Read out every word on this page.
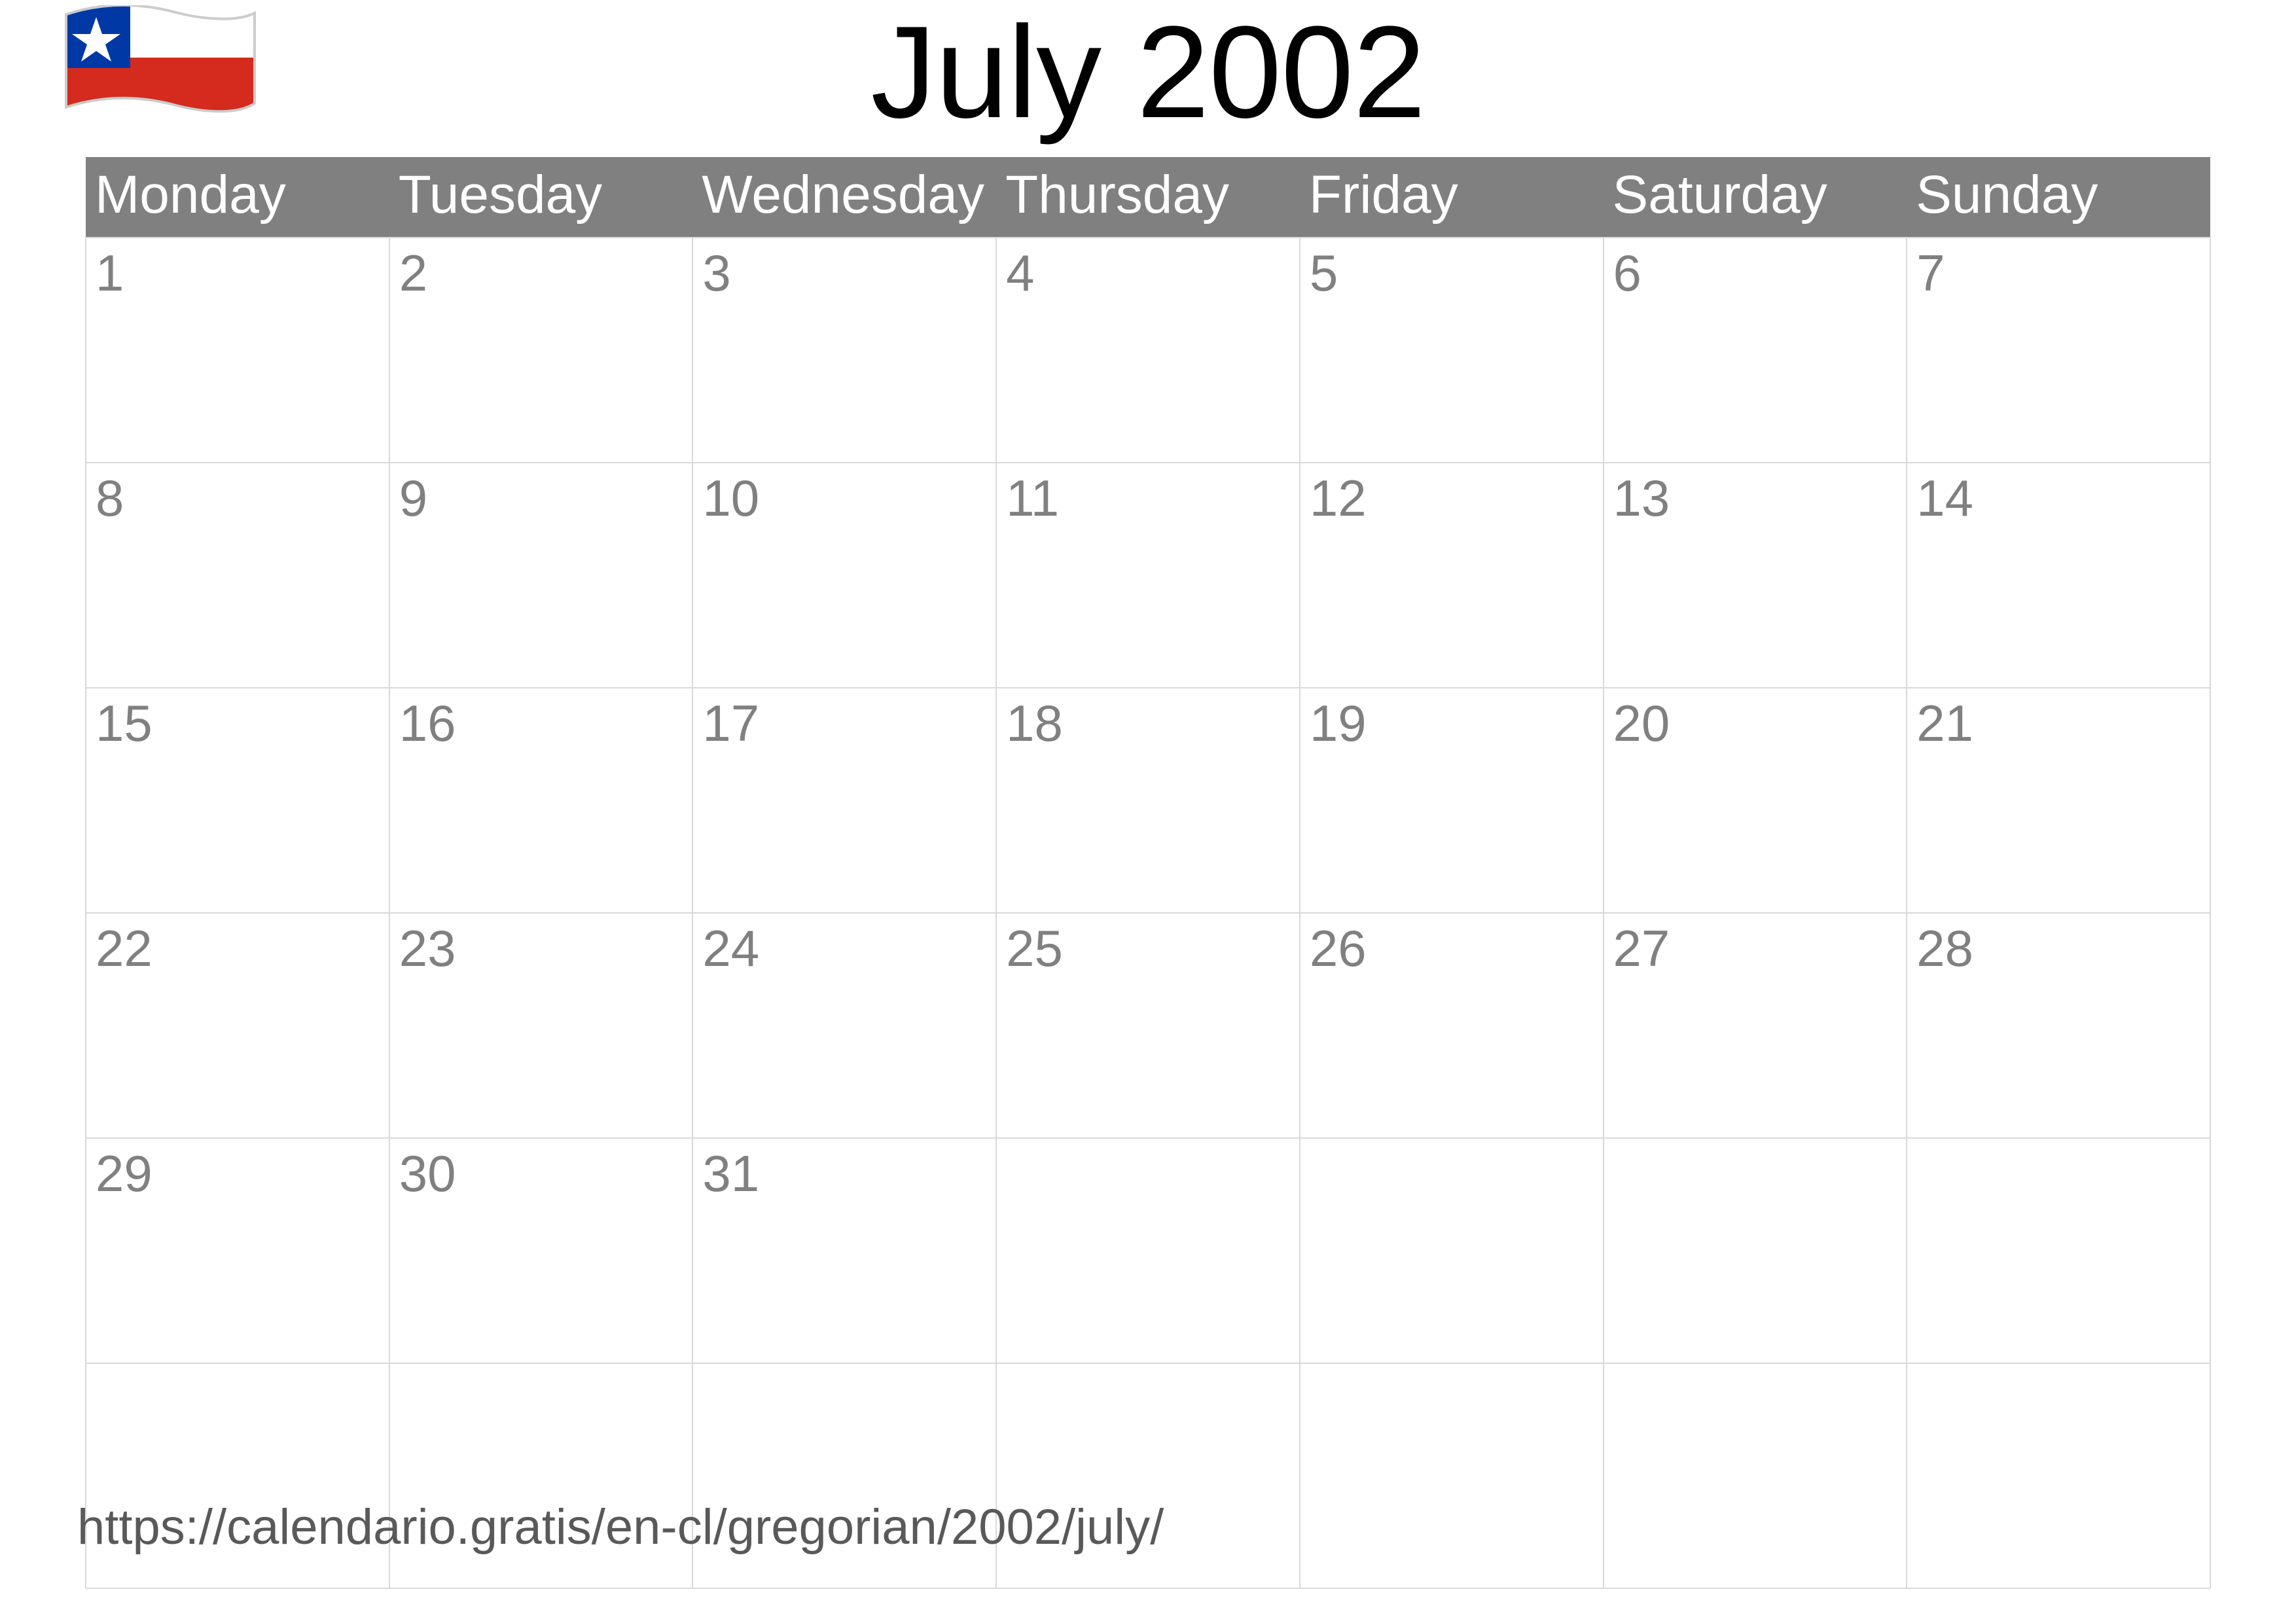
July 2002
Monday	Tuesday	Wednesday	Thursday	Friday	Saturday	Sunday

1	2	3	4	5	6	7

8	9	10	11	12	13	14

15	16	17	18	19	20	21

22	23	24	25	26	27	28

29	30	31				

https://calendario.gratis/en-cl/gregorian/2002/july/
